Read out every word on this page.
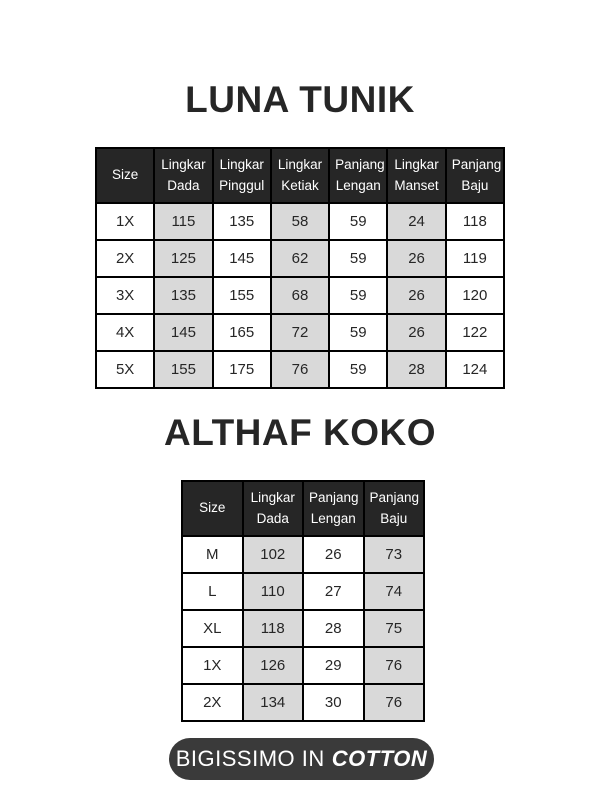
LUNA TUNIK
Size	Lingkar Dada	Lingkar Pinggul	Lingkar Ketiak	Panjang Lengan	Lingkar Manset	Panjang Baju
1X	115	135	58	59	24	118
2X	125	145	62	59	26	119
3X	135	155	68	59	26	120
4X	145	165	72	59	26	122
5X	155	175	76	59	28	124
ALTHAF KOKO
Size	Lingkar Dada	Panjang Lengan	Panjang Baju
M	102	26	73
L	110	27	74
XL	118	28	75
1X	126	29	76
2X	134	30	76
BIGISSIMO IN COTTON
